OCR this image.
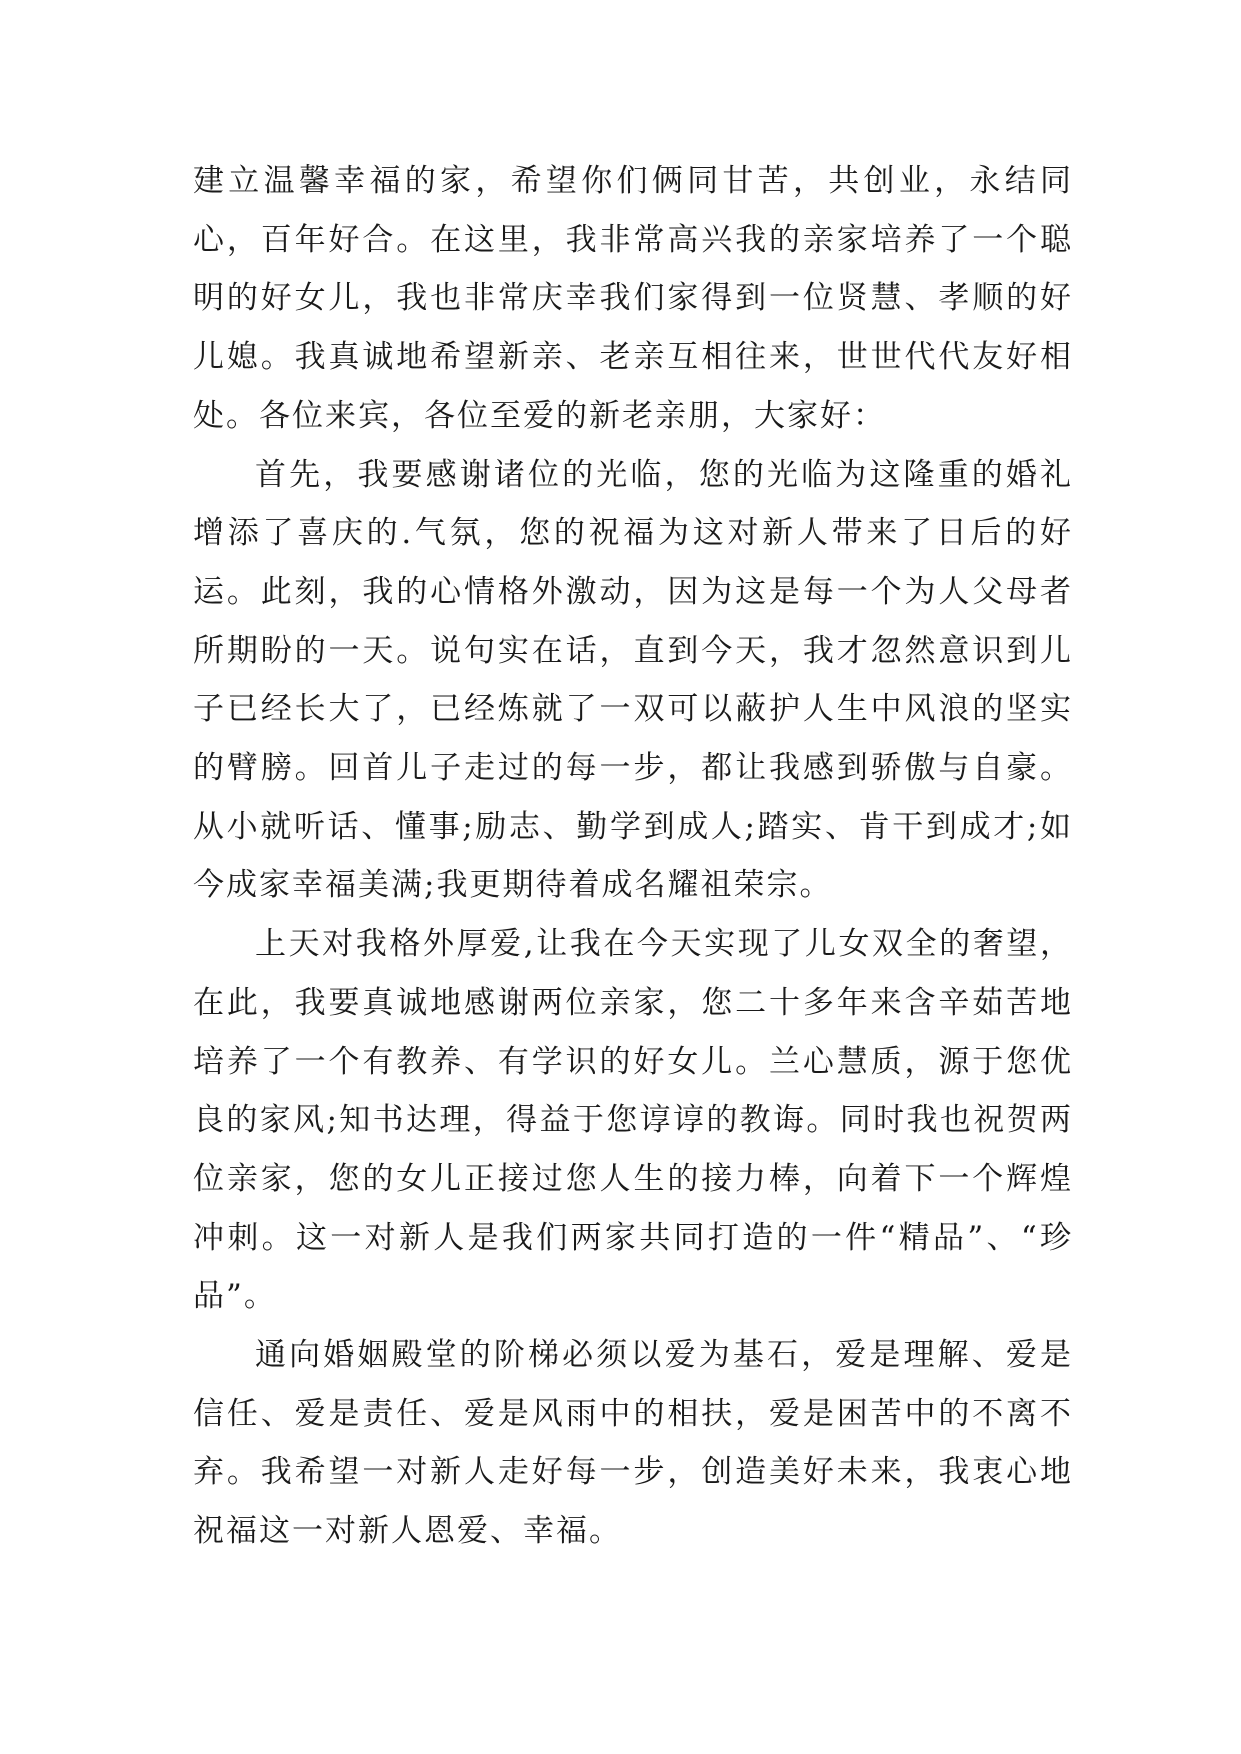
建立温馨幸福的家，希望你们俩同甘苦，共创业，永结同心，百年好合。在这里，我非常高兴我的亲家培养了一个聪明的好女儿，我也非常庆幸我们家得到一位贤慧、孝顺的好儿媳。我真诚地希望新亲、老亲互相往来，世世代代友好相处。各位来宾，各位至爱的新老亲朋，大家好：

首先，我要感谢诸位的光临，您的光临为这隆重的婚礼增添了喜庆的.气氛，您的祝福为这对新人带来了日后的好运。此刻，我的心情格外激动，因为这是每一个为人父母者所期盼的一天。说句实在话，直到今天，我才忽然意识到儿子已经长大了，已经炼就了一双可以蔽护人生中风浪的坚实的臂膀。回首儿子走过的每一步，都让我感到骄傲与自豪。从小就听话、懂事;励志、勤学到成人;踏实、肯干到成才;如今成家幸福美满;我更期待着成名耀祖荣宗。

上天对我格外厚爱,让我在今天实现了儿女双全的奢望，在此，我要真诚地感谢两位亲家，您二十多年来含辛茹苦地培养了一个有教养、有学识的好女儿。兰心慧质，源于您优良的家风;知书达理，得益于您谆谆的教诲。同时我也祝贺两位亲家，您的女儿正接过您人生的接力棒，向着下一个辉煌冲刺。这一对新人是我们两家共同打造的一件“精品”、“珍品”。

通向婚姻殿堂的阶梯必须以爱为基石，爱是理解、爱是信任、爱是责任、爱是风雨中的相扶，爱是困苦中的不离不弃。我希望一对新人走好每一步，创造美好未来，我衷心地祝福这一对新人恩爱、幸福。
